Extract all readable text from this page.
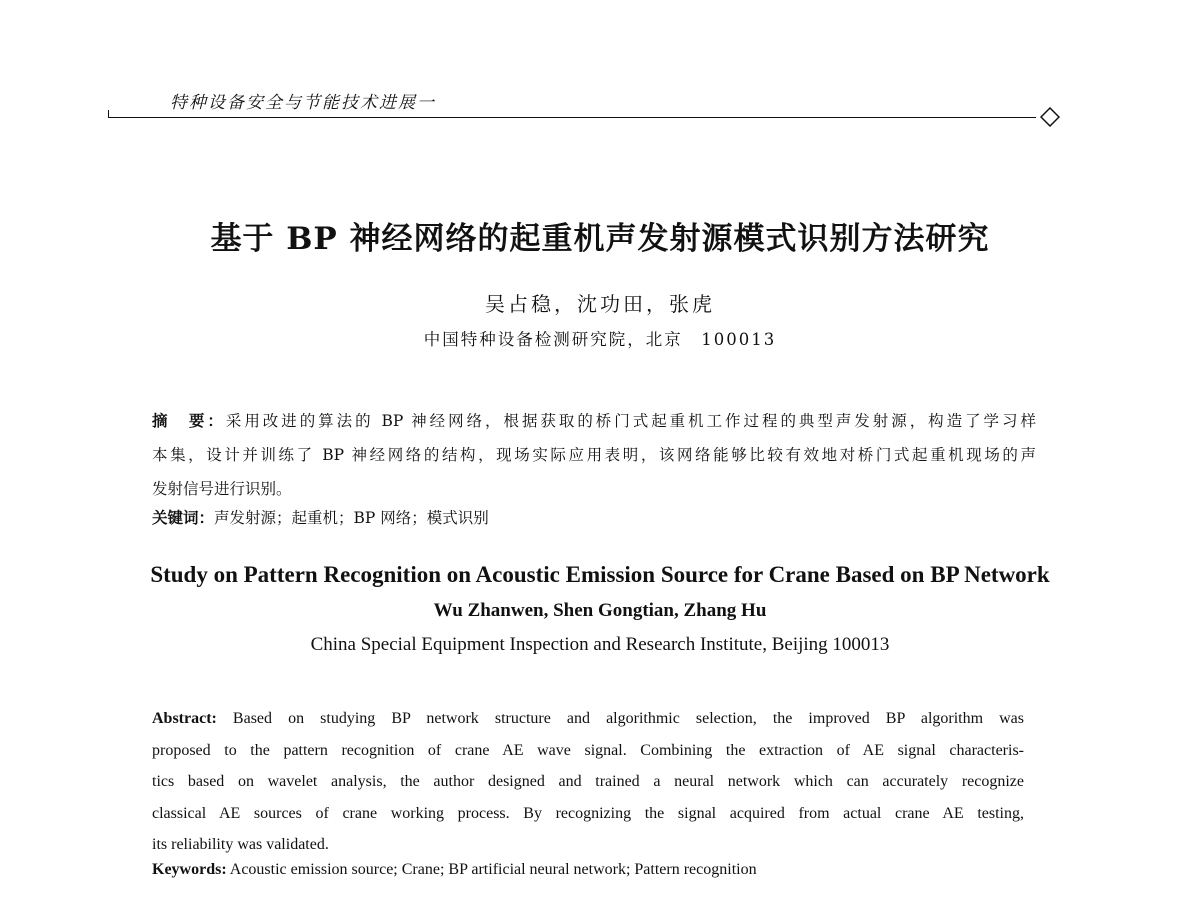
特种设备安全与节能技术进展一
基于 BP 神经网络的起重机声发射源模式识别方法研究
吴占稳，沈功田，张虎
中国特种设备检测研究院，北京　100013
摘　要：采用改进的算法的 BP 神经网络，根据获取的桥门式起重机工作过程的典型声发射源，构造了学习样
本集，设计并训练了 BP 神经网络的结构，现场实际应用表明，该网络能够比较有效地对桥门式起重机现场的声
发射信号进行识别。
关键词：声发射源；起重机；BP 网络；模式识别
Study on Pattern Recognition on Acoustic Emission Source for Crane Based on BP Network
Wu Zhanwen, Shen Gongtian, Zhang Hu
China Special Equipment Inspection and Research Institute, Beijing 100013
Abstract: Based on studying BP network structure and algorithmic selection, the improved BP algorithm was
proposed to the pattern recognition of crane AE wave signal. Combining the extraction of AE signal characteris-
tics based on wavelet analysis, the author designed and trained a neural network which can accurately recognize
classical AE sources of crane working process. By recognizing the signal acquired from actual crane AE testing,
its reliability was validated.
Keywords: Acoustic emission source; Crane; BP artificial neural network; Pattern recognition
